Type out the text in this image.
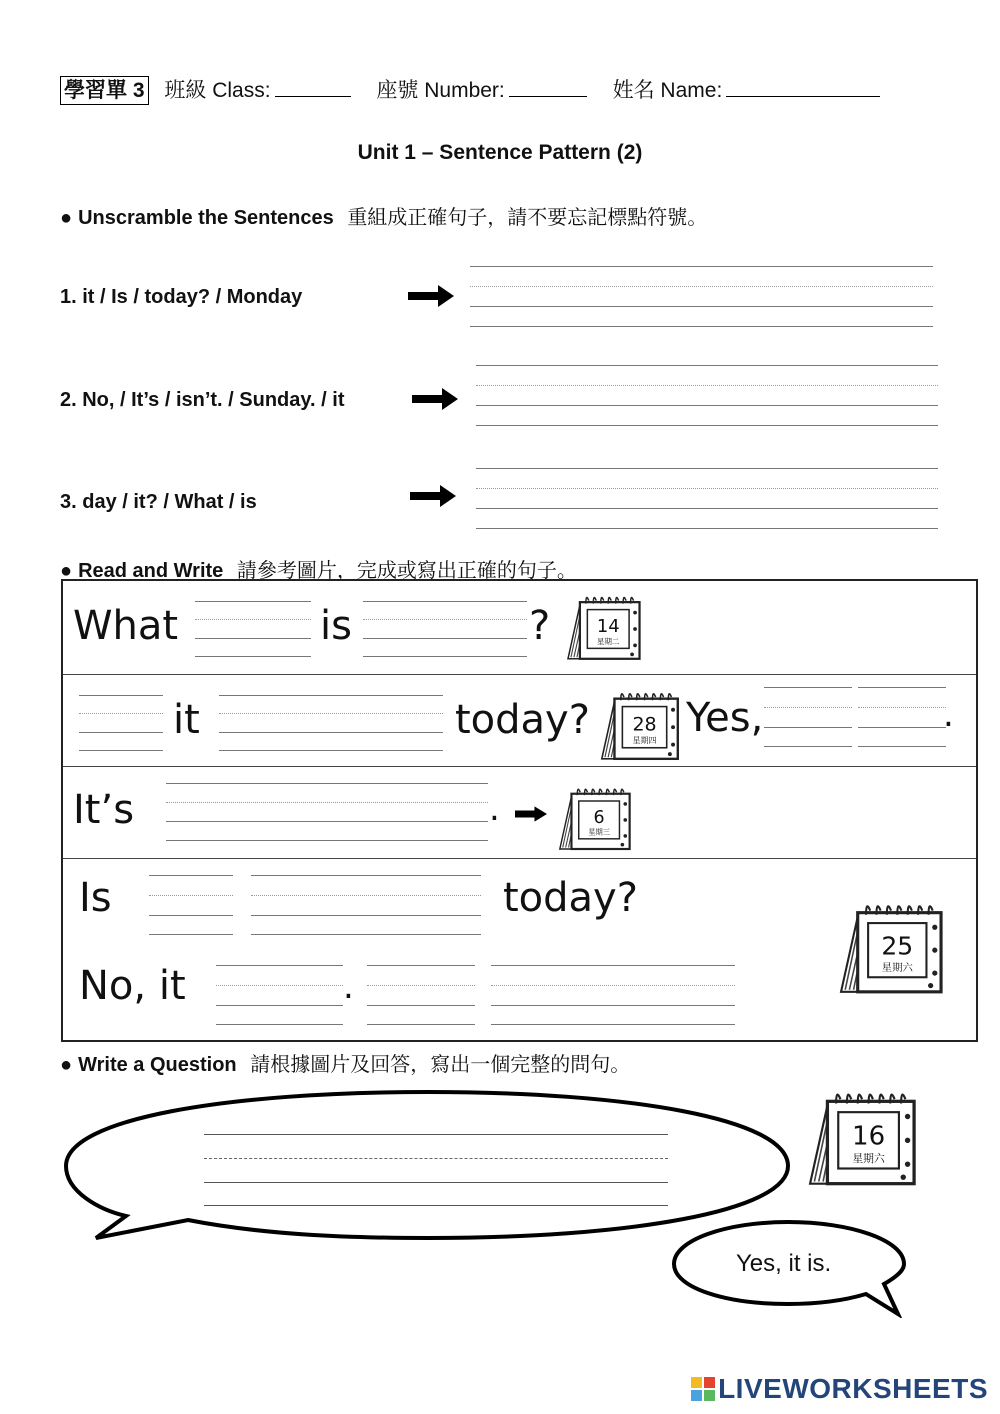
學習單 3 班級 Class:	座號 Number:	姓名 Name:
Unit 1 – Sentence Pattern (2)
● Unscramble the Sentences 重組成正確句子，請不要忘記標點符號。
1. it / Is / today? / Monday
2. No, / It’s / isn’t. / Sunday. / it
3. day / it? / What / is
● Read and Write 請參考圖片，完成或寫出正確的句子。
What	is	?
it	today? Yes,	.
It’s	.
Is	today?
No, it	.
14
星期二
28
星期四
6
星期三
25
星期六
● Write a Question 請根據圖片及回答，寫出一個完整的問句。
16
星期六
Yes, it is.
LIVEWORKSHEETS
